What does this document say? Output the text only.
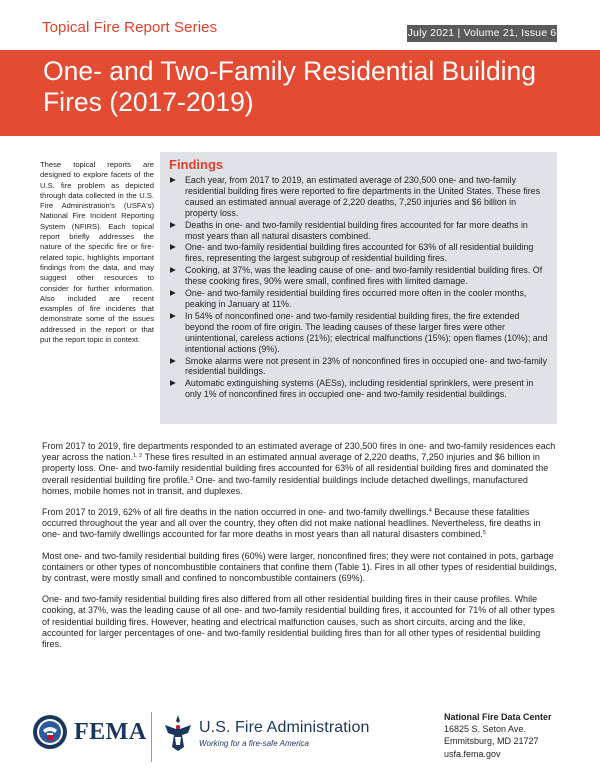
Topical Fire Report Series	July 2021 | Volume 21, Issue 6
One- and Two-Family Residential Building Fires (2017-2019)
These topical reports are designed to explore facets of the U.S. fire problem as depicted through data collected in the U.S. Fire Administration's (USFA's) National Fire Incident Reporting System (NFIRS). Each topical report briefly addresses the nature of the specific fire or fire-related topic, highlights important findings from the data, and may suggest other resources to consider for further information. Also included are recent examples of fire incidents that demonstrate some of the issues addressed in the report or that put the report topic in context.
Findings
▶ Each year, from 2017 to 2019, an estimated average of 230,500 one- and two-family residential building fires were reported to fire departments in the United States. These fires caused an estimated annual average of 2,220 deaths, 7,250 injuries and $6 billion in property loss.
▶ Deaths in one- and two-family residential building fires accounted for far more deaths in most years than all natural disasters combined.
▶ One- and two-family residential building fires accounted for 63% of all residential building fires, representing the largest subgroup of residential building fires.
▶ Cooking, at 37%, was the leading cause of one- and two-family residential building fires. Of these cooking fires, 90% were small, confined fires with limited damage.
▶ One- and two-family residential building fires occurred more often in the cooler months, peaking in January at 11%.
▶ In 54% of nonconfined one- and two-family residential building fires, the fire extended beyond the room of fire origin. The leading causes of these larger fires were other unintentional, careless actions (21%); electrical malfunctions (15%); open flames (10%); and intentional actions (9%).
▶ Smoke alarms were not present in 23% of nonconfined fires in occupied one- and two-family residential buildings.
▶ Automatic extinguishing systems (AESs), including residential sprinklers, were present in only 1% of nonconfined fires in occupied one- and two-family residential buildings.

From 2017 to 2019, fire departments responded to an estimated average of 230,500 fires in one- and two-family residences each year across the nation.$^{1, 2}$ These fires resulted in an estimated annual average of 2,220 deaths, 7,250 injuries and $6 billion in property loss. One- and two-family residential building fires accounted for 63% of all residential building fires and dominated the overall residential building fire profile.$^3$ One- and two-family residential buildings include detached dwellings, manufactured homes, mobile homes not in transit, and duplexes.

From 2017 to 2019, 62% of all fire deaths in the nation occurred in one- and two-family dwellings.$^4$ Because these fatalities occurred throughout the year and all over the country, they often did not make national headlines. Nevertheless, fire deaths in one- and two-family dwellings accounted for far more deaths in most years than all natural disasters combined.$^5$

Most one- and two-family residential building fires (60%) were larger, nonconfined fires; they were not contained in pots, garbage containers or other types of noncombustible containers that confine them (Table 1). Fires in all other types of residential buildings, by contrast, were mostly small and confined to noncombustible containers (69%).

One- and two-family residential building fires also differed from all other residential building fires in their cause profiles. While cooking, at 37%, was the leading cause of all one- and two-family residential building fires, it accounted for 71% of all other types of residential building fires. However, heating and electrical malfunction causes, such as short circuits, arcing and the like, accounted for larger percentages of one- and two-family residential building fires than for all other types of residential building fires.

FEMA	U.S. Fire Administration
Working for a fire-safe America
National Fire Data Center
16825 S. Seton Ave.
Emmitsburg, MD 21727
usfa.fema.gov
